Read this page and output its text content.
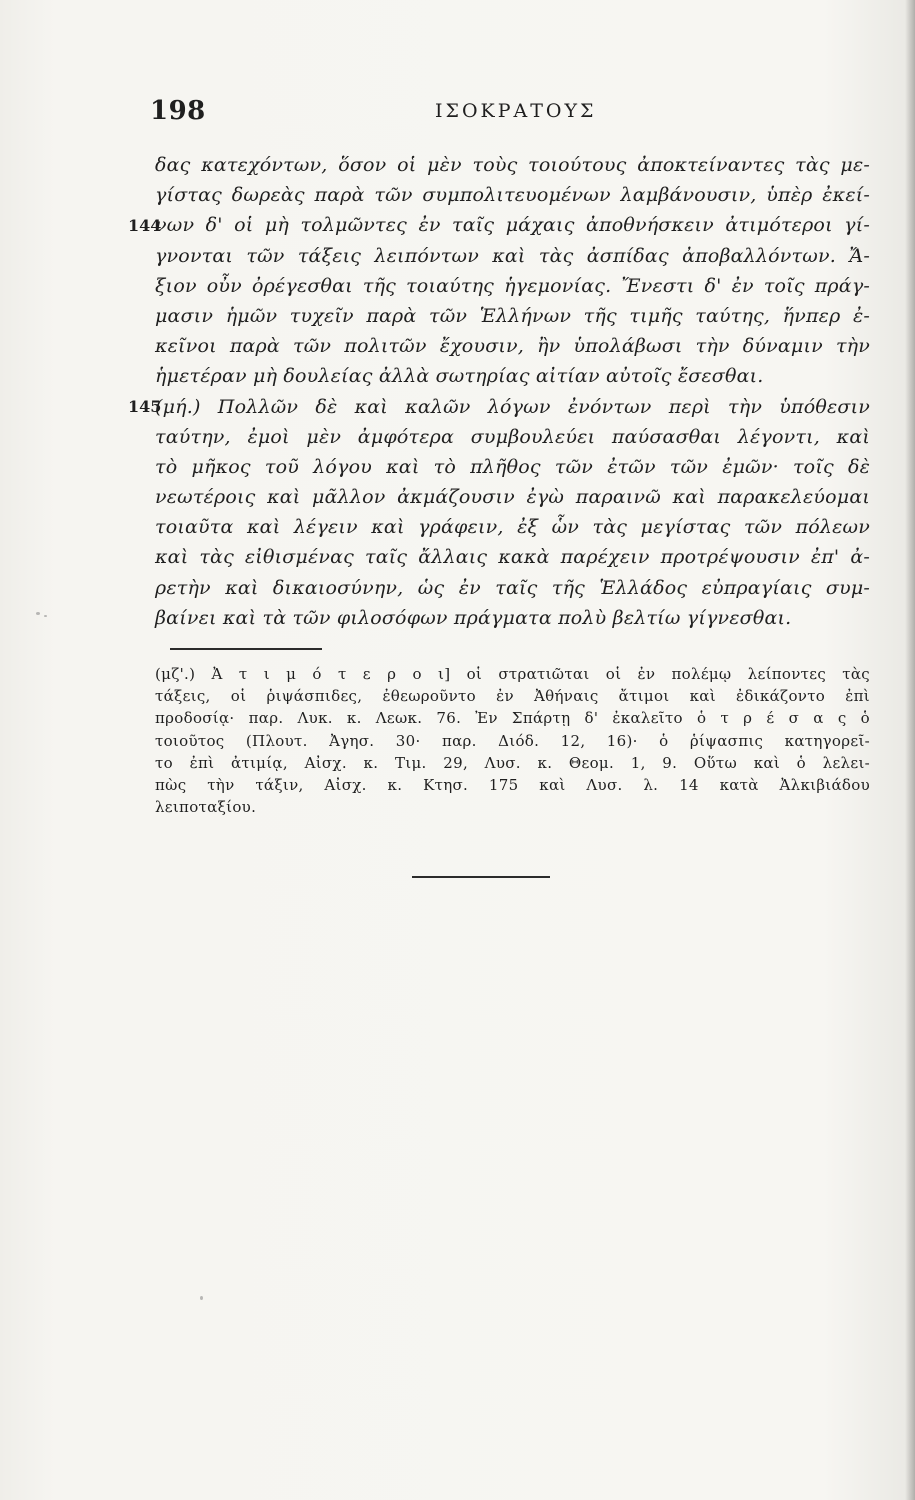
198	ΙΣΟΚΡΑΤΟΥΣ
144
145
δας κατεχόντων, ὅσον οἱ μὲν τοὺς τοιούτους ἀποκτείναντες τὰς με-
γίστας δωρεὰς παρὰ τῶν συμπολιτευομένων λαμβάνουσιν, ὑπὲρ ἐκεί-
νων δ' οἱ μὴ τολμῶντες ἐν ταῖς μάχαις ἀποθνήσκειν ἀτιμότεροι γί-
γνονται τῶν τάξεις λειπόντων καὶ τὰς ἀσπίδας ἀποβαλλόντων. Ἄ-
ξιον οὖν ὀρέγεσθαι τῆς τοιαύτης ἡγεμονίας. Ἔνεστι δ' ἐν τοῖς πράγ-
μασιν ἡμῶν τυχεῖν παρὰ τῶν Ἑλλήνων τῆς τιμῆς ταύτης, ἥνπερ ἐ-
κεῖνοι παρὰ τῶν πολιτῶν ἔχουσιν, ἢν ὑπολάβωσι τὴν δύναμιν τὴν
ἡμετέραν μὴ δουλείας ἀλλὰ σωτηρίας αἰτίαν αὐτοῖς ἔσεσθαι.
(μή.) Πολλῶν δὲ καὶ καλῶν λόγων ἐνόντων περὶ τὴν ὑπόθεσιν
ταύτην, ἐμοὶ μὲν ἀμφότερα συμβουλεύει παύσασθαι λέγοντι, καὶ
τὸ μῆκος τοῦ λόγου καὶ τὸ πλῆθος τῶν ἐτῶν τῶν ἐμῶν· τοῖς δὲ
νεωτέροις καὶ μᾶλλον ἀκμάζουσιν ἐγὼ παραινῶ καὶ παρακελεύομαι
τοιαῦτα καὶ λέγειν καὶ γράφειν, ἐξ ὧν τὰς μεγίστας τῶν πόλεων
καὶ τὰς εἰθισμένας ταῖς ἄλλαις κακὰ παρέχειν προτρέψουσιν ἐπ' ἀ-
ρετὴν καὶ δικαιοσύνην, ὡς ἐν ταῖς τῆς Ἑλλάδος εὐπραγίαις συμ-
βαίνει καὶ τὰ τῶν φιλοσόφων πράγματα πολὺ βελτίω γίγνεσθαι.
(μζ'.) Ἀ τ ι μ ό τ ε ρ ο ι] οἱ στρατιῶται οἱ ἐν πολέμῳ λείποντες τὰς
τάξεις, οἱ ῥιψάσπιδες, ἐθεωροῦντο ἐν Ἀθήναις ἄτιμοι καὶ ἐδικάζοντο ἐπὶ
προδοσίᾳ· παρ. Λυκ. κ. Λεωκ. 76. Ἐν Σπάρτῃ δ' ἐκαλεῖτο ὁ τ ρ έ σ α ς ὁ
τοιοῦτος (Πλουτ. Ἀγησ. 30· παρ. Διόδ. 12, 16)· ὁ ῥίψασπις κατηγορεῖ-
το ἐπὶ ἀτιμίᾳ, Αἰσχ. κ. Τιμ. 29, Λυσ. κ. Θεομ. 1, 9. Οὕτω καὶ ὁ λελει-
πὼς τὴν τάξιν, Αἰσχ. κ. Κτησ. 175 καὶ Λυσ. λ. 14 κατὰ Ἀλκιβιάδου
λειποταξίου.
